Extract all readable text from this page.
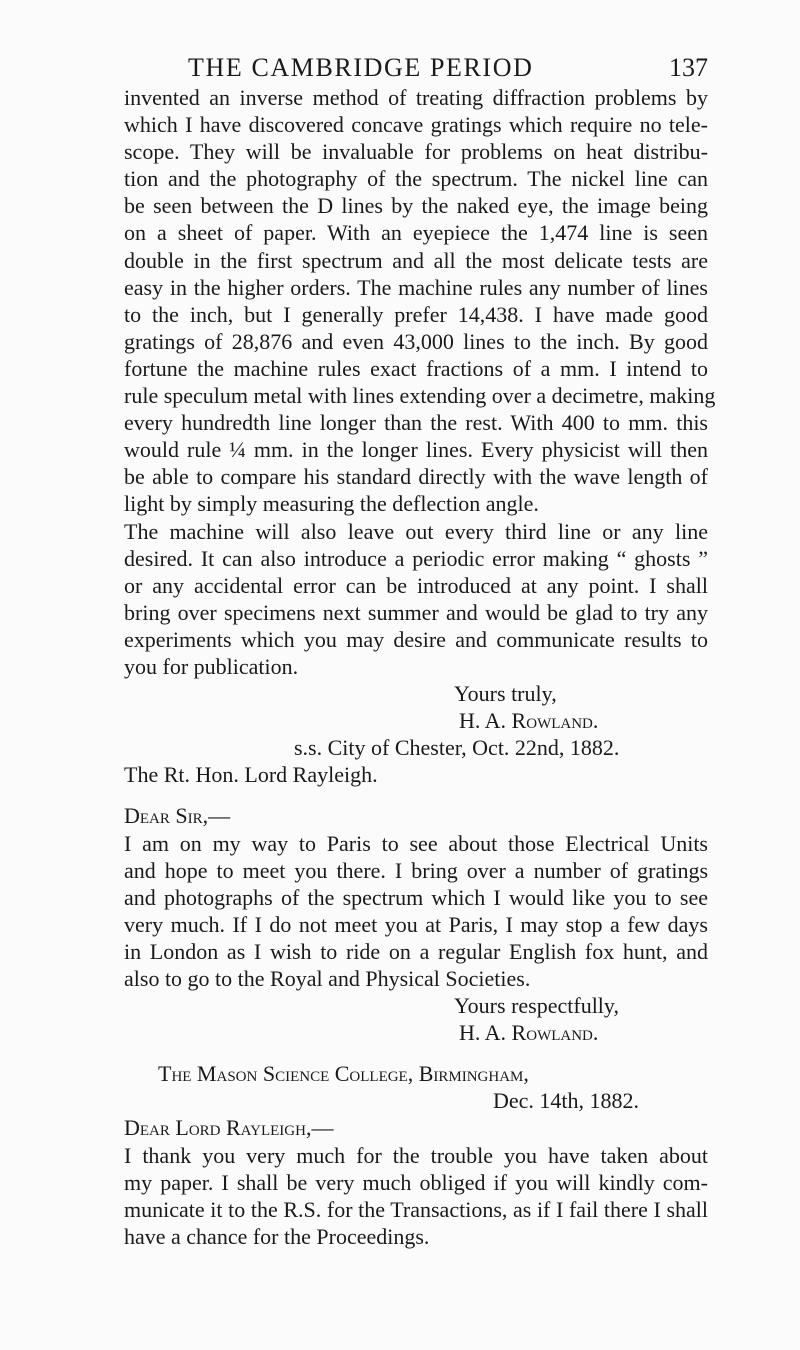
THE CAMBRIDGE PERIOD	137
invented an inverse method of treating diffraction problems by
which I have discovered concave gratings which require no tele-
scope. They will be invaluable for problems on heat distribu-
tion and the photography of the spectrum. The nickel line can
be seen between the D lines by the naked eye, the image being
on a sheet of paper. With an eyepiece the 1,474 line is seen
double in the first spectrum and all the most delicate tests are
easy in the higher orders. The machine rules any number of lines
to the inch, but I generally prefer 14,438. I have made good
gratings of 28,876 and even 43,000 lines to the inch. By good
fortune the machine rules exact fractions of a mm. I intend to
rule speculum metal with lines extending over a decimetre, making
every hundredth line longer than the rest. With 400 to mm. this
would rule ¼ mm. in the longer lines. Every physicist will then
be able to compare his standard directly with the wave length of
light by simply measuring the deflection angle.
The machine will also leave out every third line or any line
desired. It can also introduce a periodic error making “ ghosts ”
or any accidental error can be introduced at any point. I shall
bring over specimens next summer and would be glad to try any
experiments which you may desire and communicate results to
you for publication.
Yours truly,
H. A. Rowland.
s.s. City of Chester, Oct. 22nd, 1882.
The Rt. Hon. Lord Rayleigh.
Dear Sir,—
I am on my way to Paris to see about those Electrical Units
and hope to meet you there. I bring over a number of gratings
and photographs of the spectrum which I would like you to see
very much. If I do not meet you at Paris, I may stop a few days
in London as I wish to ride on a regular English fox hunt, and
also to go to the Royal and Physical Societies.
Yours respectfully,
H. A. Rowland.
The Mason Science College, Birmingham,
Dec. 14th, 1882.
Dear Lord Rayleigh,—
I thank you very much for the trouble you have taken about
my paper. I shall be very much obliged if you will kindly com-
municate it to the R.S. for the Transactions, as if I fail there I shall
have a chance for the Proceedings.
